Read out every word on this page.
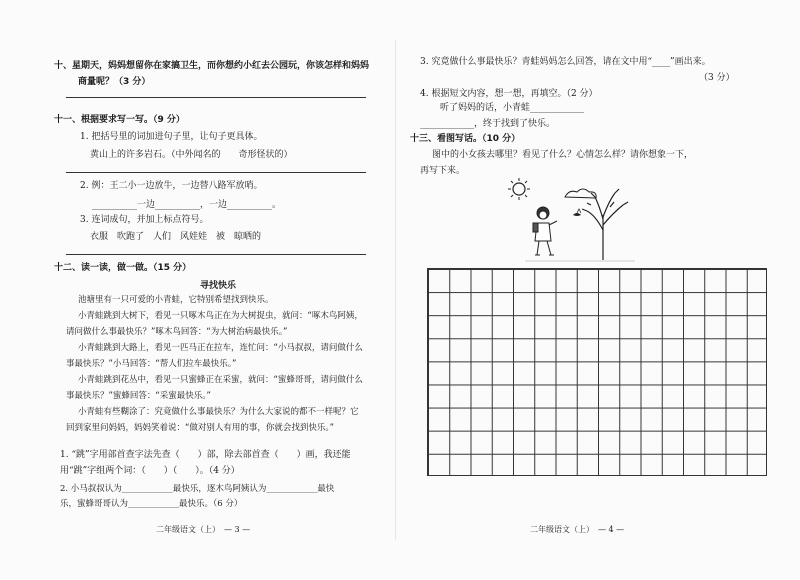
十、星期天，妈妈想留你在家搞卫生，而你想约小红去公园玩，你该怎样和妈妈
商量呢？（3 分）
十一、根据要求写一写。（9 分）
1. 把括号里的词加进句子里，让句子更具体。
黄山上的许多岩石。（中外闻名的　　奇形怪状的）
2. 例：王二小一边放牛，一边替八路军放哨。
__________一边__________，一边__________。
3. 连词成句，并加上标点符号。
衣服　吹跑了　人们　风娃娃　被　晾晒的
十二、读一读，做一做。（15 分）
寻找快乐
池塘里有一只可爱的小青蛙，它特别希望找到快乐。
小青蛙跳到大树下，看见一只啄木鸟正在为大树捉虫，就问：“啄木鸟阿姨，请问做什么事最快乐？”啄木鸟回答：“为大树治病最快乐。”
小青蛙跳到大路上，看见一匹马正在拉车，连忙问：“小马叔叔，请问做什么事最快乐？”小马回答：“帮人们拉车最快乐。”
小青蛙跳到花丛中，看见一只蜜蜂正在采蜜，就问：“蜜蜂哥哥，请问做什么事最快乐？”蜜蜂回答：“采蜜最快乐。”
小青蛙有些糊涂了：究竟做什么事最快乐？为什么大家说的都不一样呢？它回到家里问妈妈，妈妈笑着说：“做对别人有用的事，你就会找到快乐。”
1. “跳”字用部首查字法先查（　　）部，除去部首查（　　）画，我还能
用“跳”字组两个词：（　　）（　　）。（4 分）
2. 小马叔叔认为____________最快乐，逐木鸟阿姨认为____________最快
乐，蜜蜂哥哥认为____________最快乐。（6 分）
二年级语文（上）　— 3 —
3. 究竟做什么事最快乐？青蛙妈妈怎么回答，请在文中用“____”画出来。
（3 分）
4. 根据短文内容，想一想，再填空。（2 分）
听了妈妈的话，小青蛙____________
____________，终于找到了快乐。
十三、看图写话。（10 分）
图中的小女孩去哪里？看见了什么？心情怎么样？请你想象一下，
再写下来。
二年级语文（上）　— 4 —
